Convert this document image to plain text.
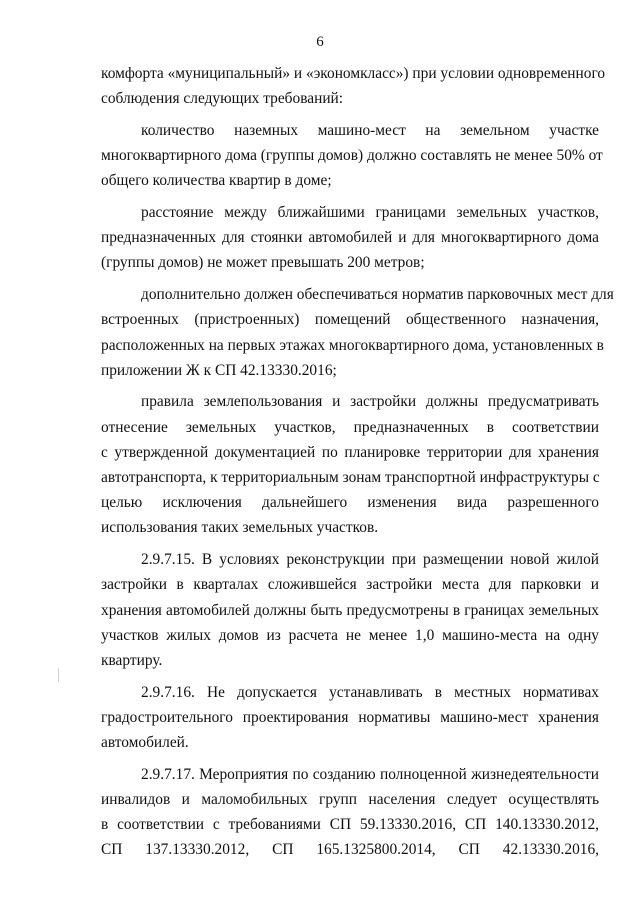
6
комфорта «муниципальный» и «экономкласс») при условии одновременного
соблюдения следующих требований:
количество наземных машино-мест на земельном участке
многоквартирного дома (группы домов) должно составлять не менее 50% от
общего количества квартир в доме;
расстояние между ближайшими границами земельных участков,
предназначенных для стоянки автомобилей и для многоквартирного дома
(группы домов) не может превышать 200 метров;
дополнительно должен обеспечиваться норматив парковочных мест для
встроенных (пристроенных) помещений общественного назначения,
расположенных на первых этажах многоквартирного дома, установленных в
приложении Ж к СП 42.13330.2016;
правила землепользования и застройки должны предусматривать
отнесение земельных участков, предназначенных в соответствии
с утвержденной документацией по планировке территории для хранения
автотранспорта, к территориальным зонам транспортной инфраструктуры с
целью исключения дальнейшего изменения вида разрешенного
использования таких земельных участков.
2.9.7.15. В условиях реконструкции при размещении новой жилой
застройки в кварталах сложившейся застройки места для парковки и
хранения автомобилей должны быть предусмотрены в границах земельных
участков жилых домов из расчета не менее 1,0 машино-места на одну
квартиру.
2.9.7.16. Не допускается устанавливать в местных нормативах
градостроительного проектирования нормативы машино-мест хранения
автомобилей.
2.9.7.17. Мероприятия по созданию полноценной жизнедеятельности
инвалидов и маломобильных групп населения следует осуществлять
в соответствии с требованиями СП 59.13330.2016, СП 140.13330.2012,
СП 137.13330.2012, СП 165.1325800.2014, СП 42.13330.2016,
